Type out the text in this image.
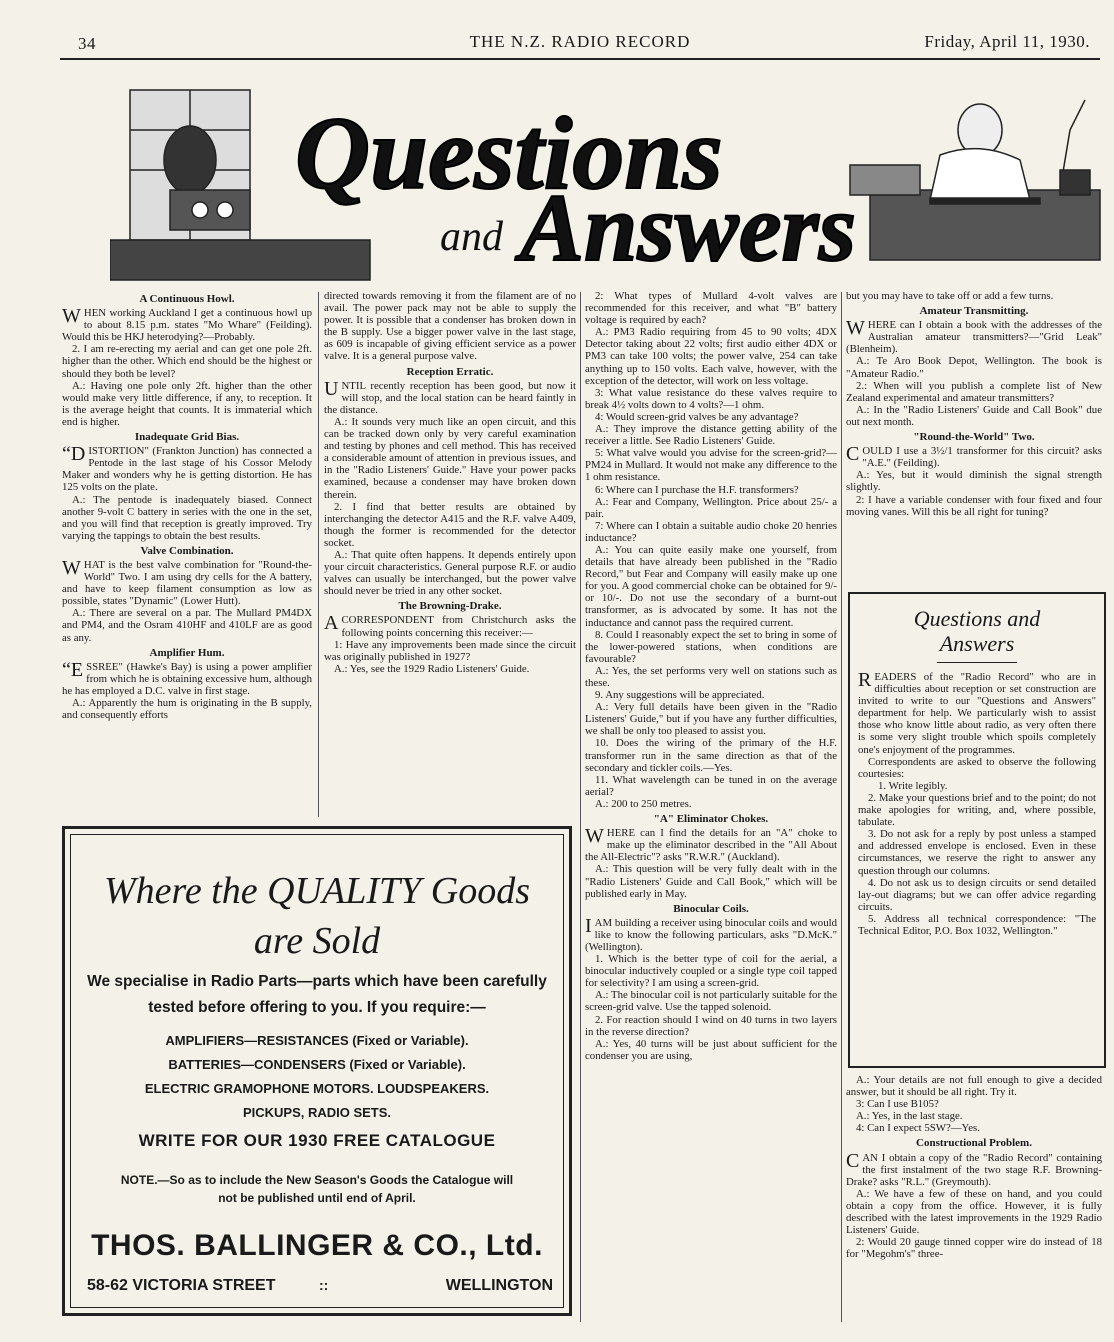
34	THE N.Z. RADIO RECORD	Friday, April 11, 1930.
Questions
and Answers
A Continuous Howl.

WHEN working Auckland I get a continuous howl up to about 8.15 p.m. states "Mo Whare" (Feilding). Would this be HKJ heterodying?—Probably.

2. I am re-erecting my aerial and can get one pole 2ft. higher than the other. Which end should be the highest or should they both be level?

A.: Having one pole only 2ft. higher than the other would make very little difference, if any, to reception. It is the average height that counts. It is immaterial which end is higher.

Inadequate Grid Bias.

“DISTORTION" (Frankton Junction) has connected a Pentode in the last stage of his Cossor Melody Maker and wonders why he is getting distortion. He has 125 volts on the plate.

A.: The pentode is inadequately biased. Connect another 9-volt C battery in series with the one in the set, and you will find that reception is greatly improved. Try varying the tappings to obtain the best results.

Valve Combination.

WHAT is the best valve combination for "Round-the-World" Two. I am using dry cells for the A battery, and have to keep filament consumption as low as possible, states "Dynamic" (Lower Hutt).

A.: There are several on a par. The Mullard PM4DX and PM4, and the Osram 410HF and 410LF are as good as any.

Amplifier Hum.

“ESSREE" (Hawke's Bay) is using a power amplifier from which he is obtaining excessive hum, although he has employed a D.C. valve in first stage.

A.: Apparently the hum is originating in the B supply, and consequently efforts

directed towards removing it from the filament are of no avail. The power pack may not be able to supply the power. It is possible that a condenser has broken down in the B supply. Use a bigger power valve in the last stage, as 609 is incapable of giving efficient service as a power valve. It is a general purpose valve.

Reception Erratic.

UNTIL recently reception has been good, but now it will stop, and the local station can be heard faintly in the distance.

A.: It sounds very much like an open circuit, and this can be tracked down only by very careful examination and testing by phones and cell method. This has received a considerable amount of attention in previous issues, and in the "Radio Listeners' Guide." Have your power packs examined, because a condenser may have broken down therein.

2. I find that better results are obtained by interchanging the detector A415 and the R.F. valve A409, though the former is recommended for the detector socket.

A.: That quite often happens. It depends entirely upon your circuit characteristics. General purpose R.F. or audio valves can usually be interchanged, but the power valve should never be tried in any other socket.

The Browning-Drake.

ACORRESPONDENT from Christchurch asks the following points concerning this receiver:—

1: Have any improvements been made since the circuit was originally published in 1927?

A.: Yes, see the 1929 Radio Listeners' Guide.

2: What types of Mullard 4-volt valves are recommended for this receiver, and what "B" battery voltage is required by each?

A.: PM3 Radio requiring from 45 to 90 volts; 4DX Detector taking about 22 volts; first audio either 4DX or PM3 can take 100 volts; the power valve, 254 can take anything up to 150 volts. Each valve, however, with the exception of the detector, will work on less voltage.

3: What value resistance do these valves require to break 4½ volts down to 4 volts?—1 ohm.

4: Would screen-grid valves be any advantage?

A.: They improve the distance getting ability of the receiver a little. See Radio Listeners' Guide.

5: What valve would you advise for the screen-grid?—PM24 in Mullard. It would not make any difference to the 1 ohm resistance.

6: Where can I purchase the H.F. transformers?

A.: Fear and Company, Wellington. Price about 25/- a pair.

7: Where can I obtain a suitable audio choke 20 henries inductance?

A.: You can quite easily make one yourself, from details that have already been published in the "Radio Record," but Fear and Company will easily make up one for you. A good commercial choke can be obtained for 9/- or 10/-. Do not use the secondary of a burnt-out transformer, as is advocated by some. It has not the inductance and cannot pass the required current.

8. Could I reasonably expect the set to bring in some of the lower-powered stations, when conditions are favourable?

A.: Yes, the set performs very well on stations such as these.

9. Any suggestions will be appreciated.

A.: Very full details have been given in the "Radio Listeners' Guide," but if you have any further difficulties, we shall be only too pleased to assist you.

10. Does the wiring of the primary of the H.F. transformer run in the same direction as that of the secondary and tickler coils.—Yes.

11. What wavelength can be tuned in on the average aerial?

A.: 200 to 250 metres.

"A" Eliminator Chokes.

WHERE can I find the details for an "A" choke to make up the eliminator described in the "All About the All-Electric"? asks "R.W.R." (Auckland).

A.: This question will be very fully dealt with in the "Radio Listeners' Guide and Call Book," which will be published early in May.

Binocular Coils.

IAM building a receiver using binocular coils and would like to know the following particulars, asks "D.McK." (Wellington).

1. Which is the better type of coil for the aerial, a binocular inductively coupled or a single type coil tapped for selectivity? I am using a screen-grid.

A.: The binocular coil is not particularly suitable for the screen-grid valve. Use the tapped solenoid.

2. For reaction should I wind on 40 turns in two layers in the reverse direction?

A.: Yes, 40 turns will be just about sufficient for the condenser you are using,

but you may have to take off or add a few turns.

Amateur Transmitting.

WHERE can I obtain a book with the addresses of the Australian amateur transmitters?—"Grid Leak" (Blenheim).

A.: Te Aro Book Depot, Wellington. The book is "Amateur Radio."

2.: When will you publish a complete list of New Zealand experimental and amateur transmitters?

A.: In the "Radio Listeners' Guide and Call Book" due out next month.

"Round-the-World" Two.

COULD I use a 3½/1 transformer for this circuit? asks "A.E." (Feilding).

A.: Yes, but it would diminish the signal strength slightly.

2: I have a variable condenser with four fixed and four moving vanes. Will this be all right for tuning?

Questions and
Answers

READERS of the "Radio Record" who are in difficulties about reception or set construction are invited to write to our "Questions and Answers" department for help. We particularly wish to assist those who know little about radio, as very often there is some very slight trouble which spoils completely one's enjoyment of the programmes.

Correspondents are asked to observe the following courtesies:

1. Write legibly.

2. Make your questions brief and to the point; do not make apologies for writing, and, where possible, tabulate.

3. Do not ask for a reply by post unless a stamped and addressed envelope is enclosed. Even in these circumstances, we reserve the right to answer any question through our columns.

4. Do not ask us to design circuits or send detailed lay-out diagrams; but we can offer advice regarding circuits.

5. Address all technical correspondence: "The Technical Editor, P.O. Box 1032, Wellington."

A.: Your details are not full enough to give a decided answer, but it should be all right. Try it.

3: Can I use B105?

A.: Yes, in the last stage.

4: Can I expect 5SW?—Yes.

Constructional Problem.

CAN I obtain a copy of the "Radio Record" containing the first instalment of the two stage R.F. Browning-Drake? asks "R.L." (Greymouth).

A.: We have a few of these on hand, and you could obtain a copy from the office. However, it is fully described with the latest improvements in the 1929 Radio Listeners' Guide.

2: Would 20 gauge tinned copper wire do instead of 18 for "Megohm's" three-

Where the QUALITY Goods
are Sold
We specialise in Radio Parts—parts which have been carefully
tested before offering to you. If you require:—
AMPLIFIERS—RESISTANCES (Fixed or Variable).
BATTERIES—CONDENSERS (Fixed or Variable).
ELECTRIC GRAMOPHONE MOTORS. LOUDSPEAKERS.
PICKUPS, RADIO SETS.
WRITE FOR OUR 1930 FREE CATALOGUE
NOTE.—So as to include the New Season's Goods the Catalogue will
not be published until end of April.
THOS. BALLINGER & CO., Ltd.
58-62 VICTORIA STREET	::	WELLINGTON
